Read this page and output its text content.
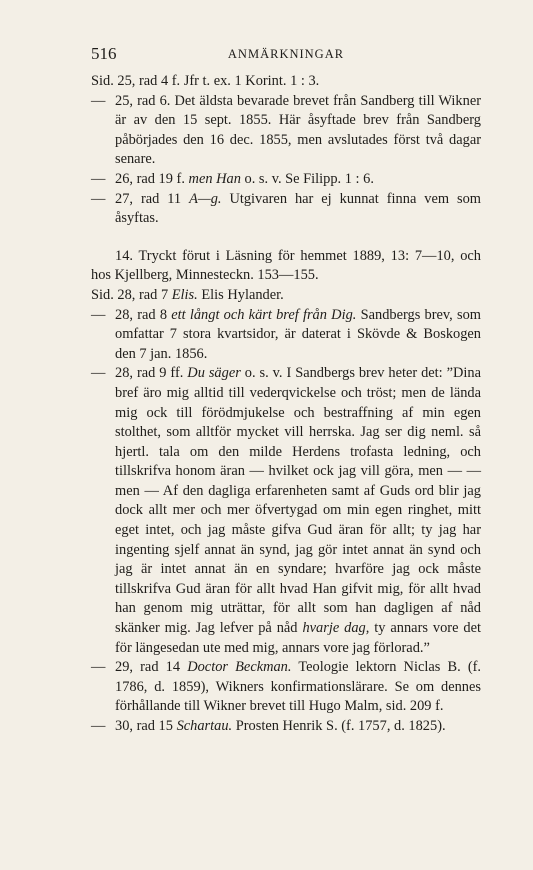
516	ANMÄRKNINGAR

Sid. 25, rad 4 f. Jfr t. ex. 1 Korint. 1 : 3.

— 25, rad 6. Det äldsta bevarade brevet från Sandberg till Wikner är av den 15 sept. 1855. Här åsyftade brev från Sandberg påbörjades den 16 dec. 1855, men avslutades först två dagar senare.

— 26, rad 19 f. men Han o. s. v. Se Filipp. 1 : 6.

— 27, rad 11 A—g. Utgivaren har ej kunnat finna vem som åsyftas.

14. Tryckt förut i Läsning för hemmet 1889, 13: 7—10, och hos Kjellberg, Minnesteckn. 153—155.

Sid. 28, rad 7 Elis. Elis Hylander.

— 28, rad 8 ett långt och kärt bref från Dig. Sandbergs brev, som omfattar 7 stora kvartsidor, är daterat i Skövde & Boskogen den 7 jan. 1856.

— 28, rad 9 ff. Du säger o. s. v. I Sandbergs brev heter det: ”Dina bref äro mig alltid till vederqvickelse och tröst; men de lända mig ock till förödmjukelse och bestraffning af min egen stolthet, som alltför mycket vill herrska. Jag ser dig neml. så hjertl. tala om den milde Herdens trofasta ledning, och tillskrifva honom äran — hvilket ock jag vill göra, men — — men — Af den dagliga erfarenheten samt af Guds ord blir jag dock allt mer och mer öfvertygad om min egen ringhet, mitt eget intet, och jag måste gifva Gud äran för allt; ty jag har ingenting sjelf annat än synd, jag gör intet annat än synd och jag är intet annat än en syndare; hvarföre jag ock måste tillskrifva Gud äran för allt hvad Han gifvit mig, för allt hvad han genom mig uträttar, för allt som han dagligen af nåd skänker mig. Jag lefver på nåd hvarje dag, ty annars vore det för längesedan ute med mig, annars vore jag förlorad.”

— 29, rad 14 Doctor Beckman. Teologie lektorn Niclas B. (f. 1786, d. 1859), Wikners konfirmationslärare. Se om dennes förhållande till Wikner brevet till Hugo Malm, sid. 209 f.

— 30, rad 15 Schartau. Prosten Henrik S. (f. 1757, d. 1825).
